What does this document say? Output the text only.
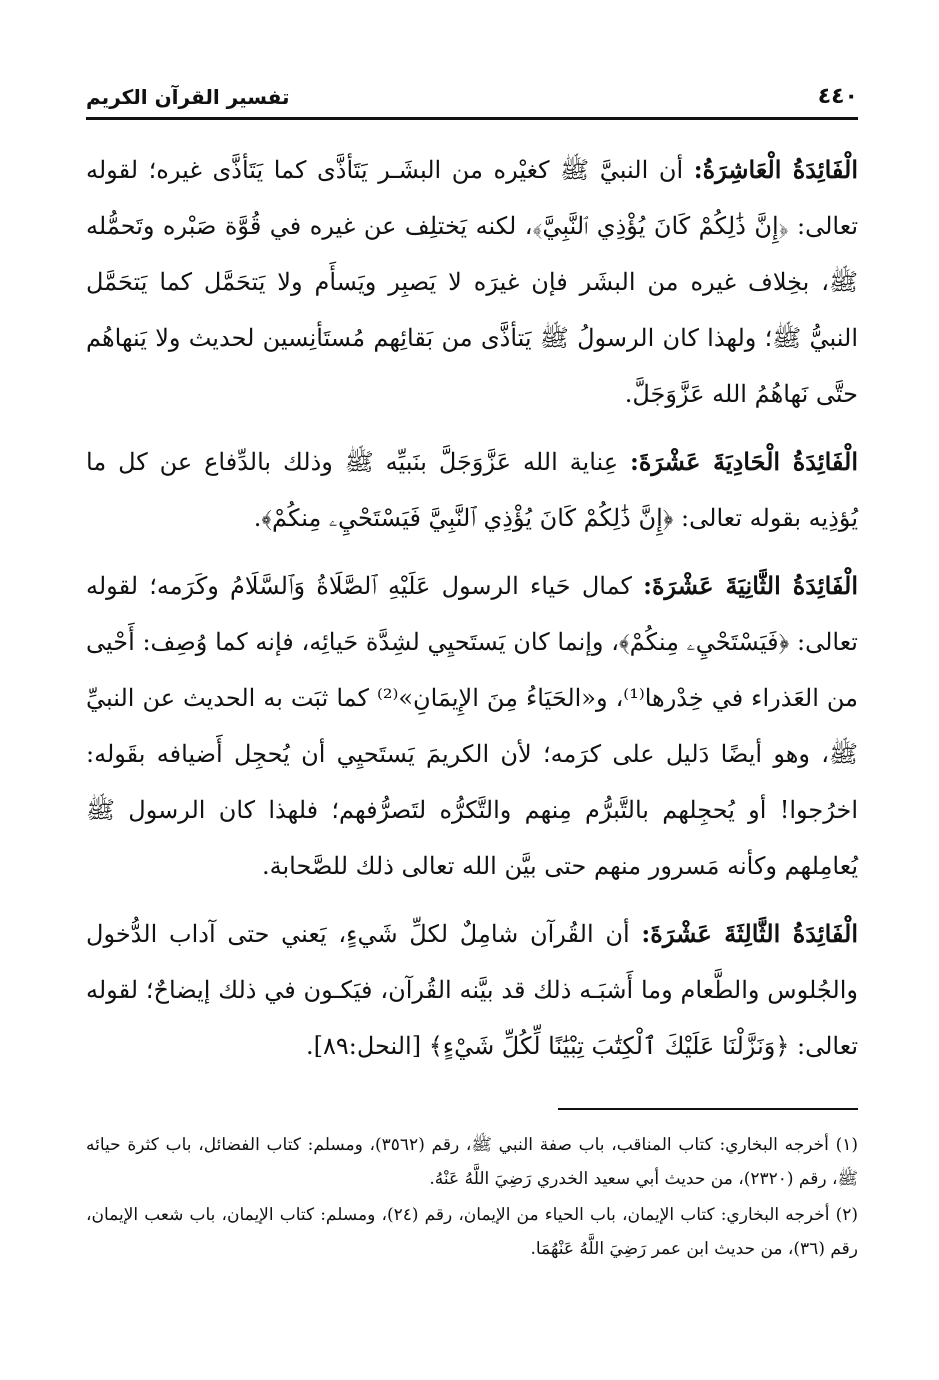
٤٤٠
تفسير القرآن الكريم

الْفَائِدَةُ الْعَاشِرَةُ: أن النبيَّ ﷺ كغيْره من البشَـر يَتَأذَّى كما يَتَأذَّى غيره؛ لقوله تعالى: ﴿إِنَّ ذَٰلِكُمْ كَانَ يُؤْذِي ٱلنَّبِيَّ﴾، لكنه يَختلِف عن غيره في قُوَّة صَبْره وتَحمُّله ﷺ، بخِلاف غيره من البشَر فإن غيرَه لا يَصبِر ويَسأَم ولا يَتحَمَّل كما يَتحَمَّل النبيُّ ﷺ؛ ولهذا كان الرسولُ ﷺ يَتأذَّى من بَقائِهم مُستَأنِسين لحديث ولا يَنهاهُم حتَّى نَهاهُمُ الله عَزَّوَجَلَّ.

الْفَائِدَةُ الْحَادِيَةَ عَشْرَةَ: عِناية الله عَزَّوَجَلَّ بنَبيِّه ﷺ وذلك بالدِّفاع عن كل ما يُؤذِيه بقوله تعالى: ﴿إِنَّ ذَٰلِكُمْ كَانَ يُؤْذِي ٱلنَّبِيَّ فَيَسْتَحْيِۦ مِنكُمْ﴾.

الْفَائِدَةُ الثَّانِيَةَ عَشْرَةَ: كمال حَياء الرسول عَلَيْهِ ٱلصَّلَاةُ وَٱلسَّلَامُ وكَرَمه؛ لقوله تعالى: ﴿فَيَسْتَحْيِۦ مِنكُمْ﴾، وإنما كان يَستَحيِي لشِدَّة حَيائِه، فإنه كما وُصِف: أَحْيى من العَذراء في خِدْرها⁽¹⁾، و«الحَيَاءُ مِنَ الإِيمَانِ»⁽²⁾ كما ثبَت به الحديث عن النبيِّ ﷺ، وهو أيضًا دَليل على كرَمه؛ لأن الكريمَ يَستَحيِي أن يُحجِل أَضيافه بقَوله: اخرُجوا! أو يُحجِلهم بالتَّبرُّم مِنهم والتَّكرُّه لتَصرُّفهم؛ فلهذا كان الرسول ﷺ يُعامِلهم وكأنه مَسرور منهم حتى بيَّن الله تعالى ذلك للصَّحابة.

الْفَائِدَةُ الثَّالِثَةَ عَشْرَةَ: أن القُرآن شامِلٌ لكلِّ شَيءٍ، يَعني حتى آداب الدُّخول والجُلوس والطَّعام وما أَشبَـه ذلك قد بيَّنه القُرآن، فيَكـون في ذلك إيضاحٌ؛ لقوله تعالى: ﴿وَنَزَّلْنَا عَلَيْكَ ٱلْكِتَٰبَ تِبْيَٰنًا لِّكُلِّ شَيْءٍ﴾ [النحل:٨٩].

(١) أخرجه البخاري: كتاب المناقب، باب صفة النبي ﷺ، رقم (٣٥٦٢)، ومسلم: كتاب الفضائل، باب كثرة حيائه ﷺ، رقم (٢٣٢٠)، من حديث أبي سعيد الخدري رَضِيَ اللَّهُ عَنْهُ.

(٢) أخرجه البخاري: كتاب الإيمان، باب الحياء من الإيمان، رقم (٢٤)، ومسلم: كتاب الإيمان، باب شعب الإيمان، رقم (٣٦)، من حديث ابن عمر رَضِيَ اللَّهُ عَنْهُمَا.
